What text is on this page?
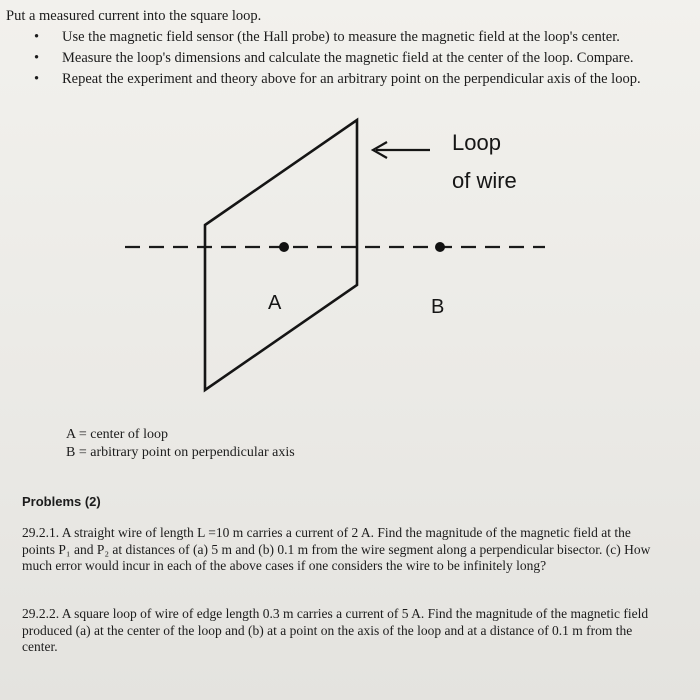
Put a measured current into the square loop.

• Use the magnetic field sensor (the Hall probe) to measure the magnetic field at the loop's center.
• Measure the loop's dimensions and calculate the magnetic field at the center of the loop. Compare.
• Repeat the experiment and theory above for an arbitrary point on the perpendicular axis of the loop.
Loop
of wire
A	B
A = center of loop
B = arbitrary point on perpendicular axis
Problems (2)
29.2.1. A straight wire of length L =10 m carries a current of 2 A. Find the magnitude of the magnetic field at the points P₁ and P₂ at distances of (a) 5 m and (b) 0.1 m from the wire segment along a perpendicular bisector. (c) How much error would incur in each of the above cases if one considers the wire to be infinitely long?
29.2.2. A square loop of wire of edge length 0.3 m carries a current of 5 A. Find the magnitude of the magnetic field produced (a) at the center of the loop and (b) at a point on the axis of the loop and at a distance of 0.1 m from the center.
